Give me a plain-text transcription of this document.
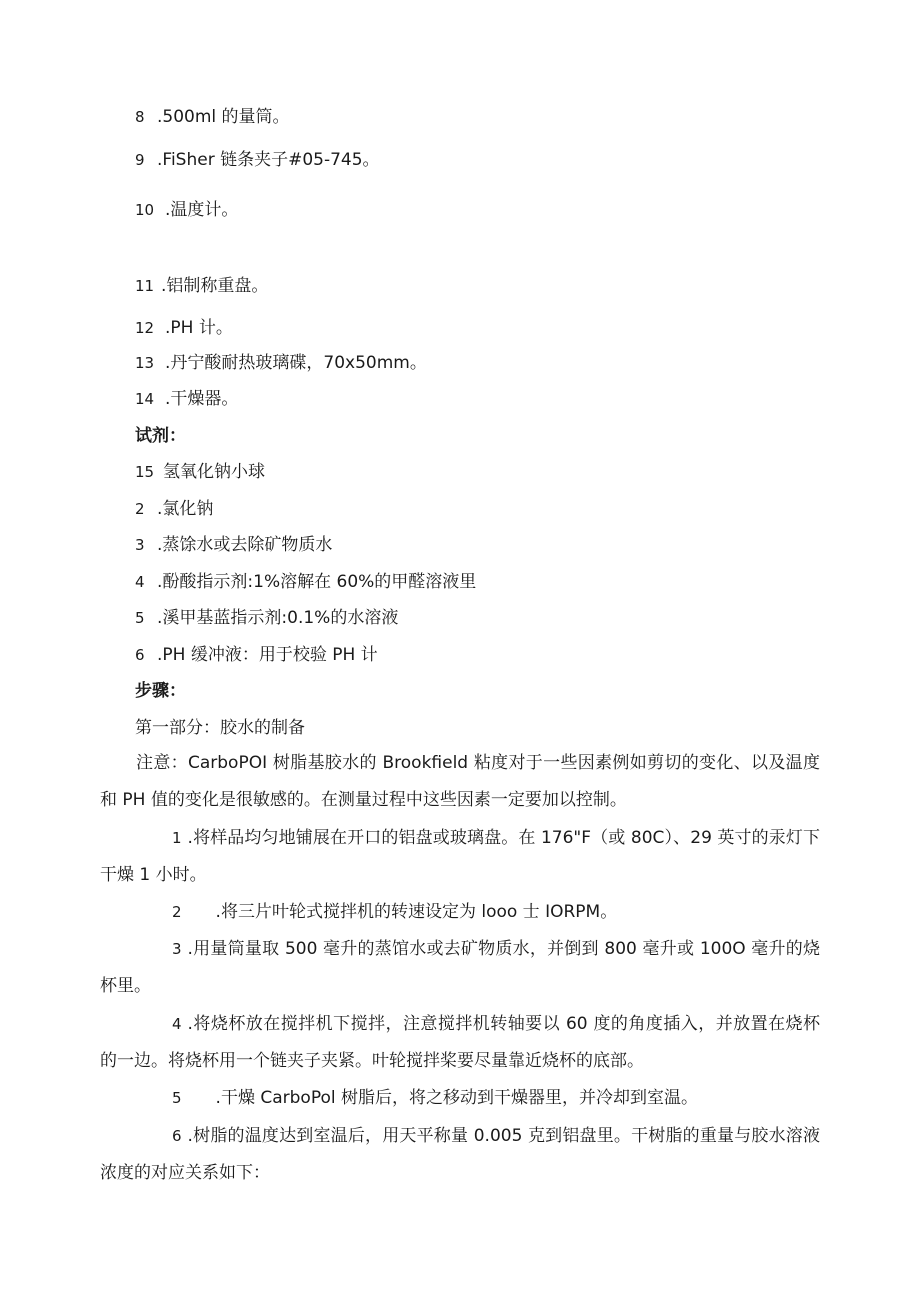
8 .500ml 的量筒。
9 .FiSher 链条夹子#05-745。
10 .温度计。
11 .铝制称重盘。
12 .PH 计。
13 .丹宁酸耐热玻璃碟，70x50mm。
14 .干燥器。
试剂：
15 氢氧化钠小球
2 .氯化钠
3 .蒸馀水或去除矿物质水
4 .酚酸指示剂:1%溶解在 60%的甲醛溶液里
5 .溪甲基蓝指示剂:0.1%的水溶液
6 .PH 缓冲液：用于校验 PH 计
步骤：
第一部分：胶水的制备
注意：CarboPOI 树脂基胶水的 Brookfield 粘度对于一些因素例如剪切的变化、以及温度和 PH 值的变化是很敏感的。在测量过程中这些因素一定要加以控制。
1 .将样品均匀地铺展在开口的铝盘或玻璃盘。在 176"F（或 80C）、29 英寸的汞灯下干燥 1 小时。
2 .将三片叶轮式搅拌机的转速设定为 looo 士 IORPM。
3 .用量筒量取 500 毫升的蒸馆水或去矿物质水，并倒到 800 毫升或 100O 毫升的烧杯里。
4 .将烧杯放在搅拌机下搅拌，注意搅拌机转轴要以 60 度的角度插入，并放置在烧杯的一边。将烧杯用一个链夹子夹紧。叶轮搅拌桨要尽量靠近烧杯的底部。
5 .干燥 CarboPol 树脂后，将之移动到干燥器里，并冷却到室温。
6 .树脂的温度达到室温后，用天平称量 0.005 克到铝盘里。干树脂的重量与胶水溶液浓度的对应关系如下：
